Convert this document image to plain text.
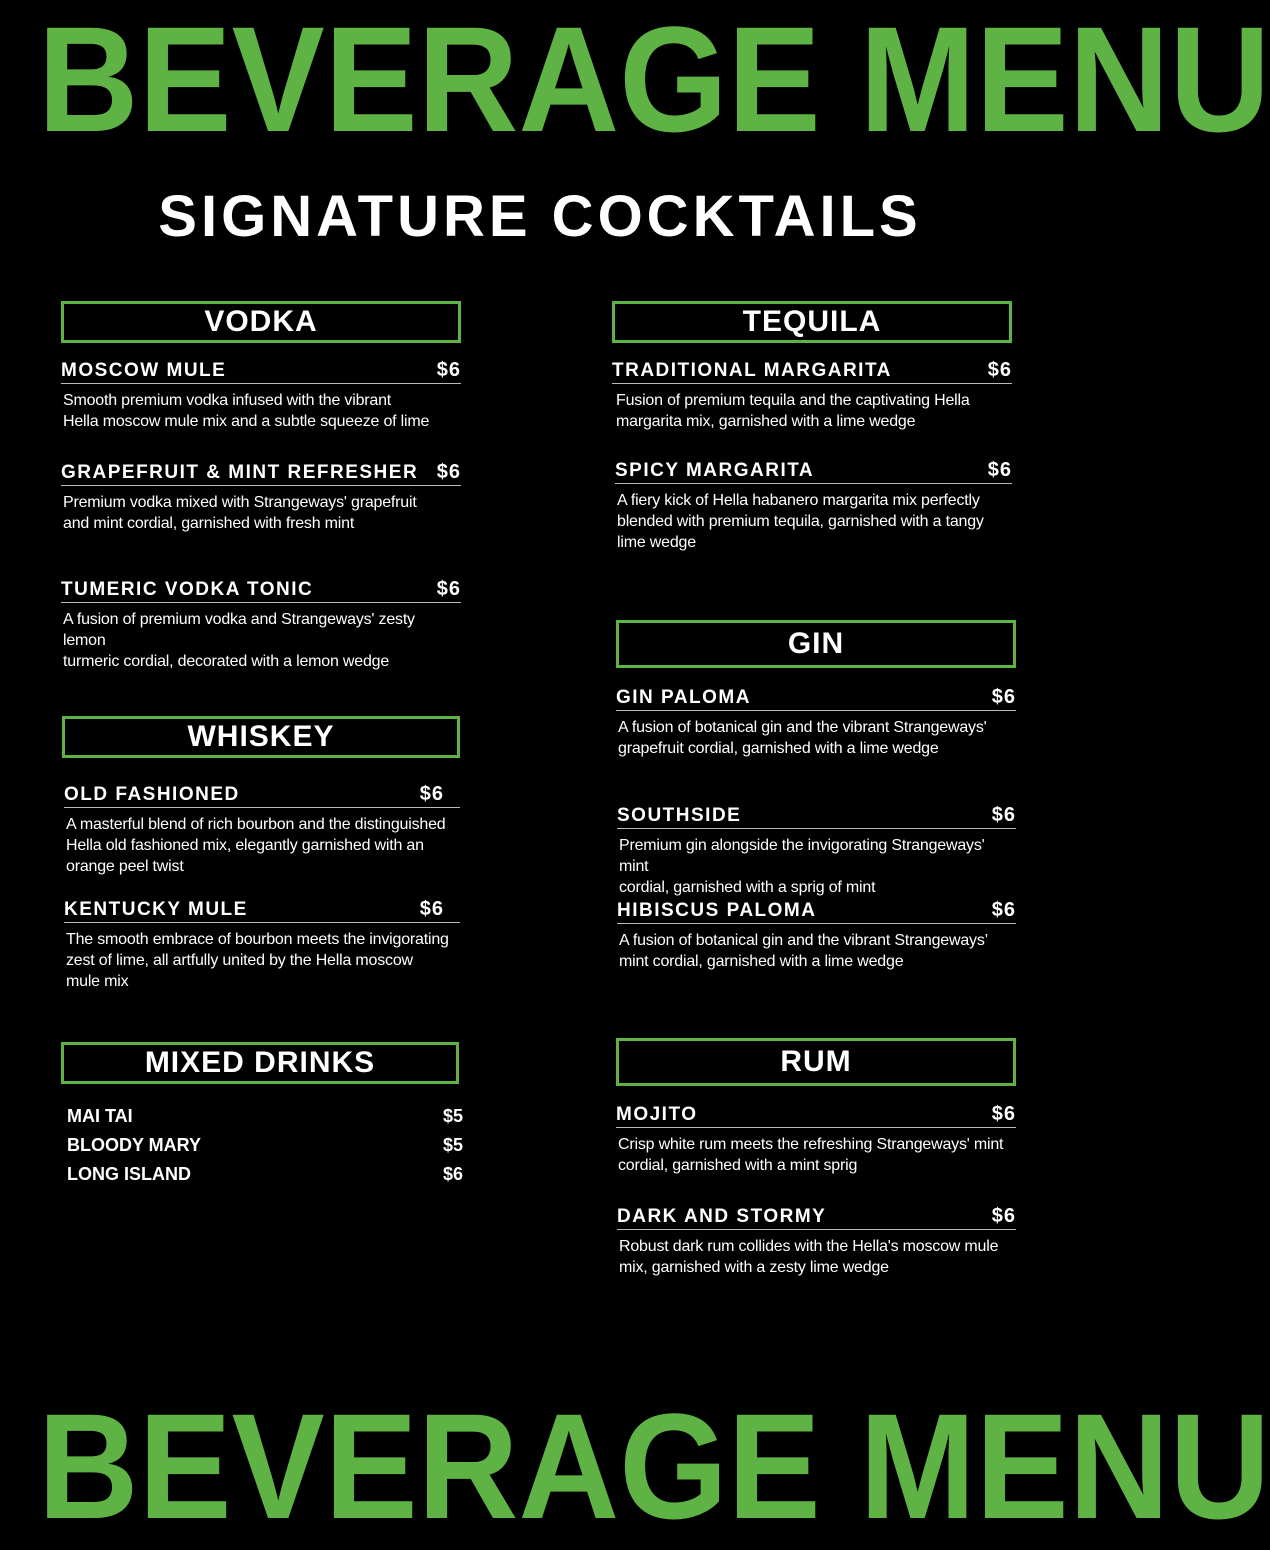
BEVERAGE MENU
SIGNATURE COCKTAILS
VODKA
MOSCOW MULE	$6
Smooth premium vodka infused with the vibrant
Hella moscow mule mix and a subtle squeeze of lime
GRAPEFRUIT & MINT REFRESHER $6
Premium vodka mixed with Strangeways' grapefruit
and mint cordial, garnished with fresh mint
TUMERIC VODKA TONIC	$6
A fusion of premium vodka and Strangeways' zesty lemon
turmeric cordial, decorated with a lemon wedge
WHISKEY
OLD FASHIONED	$6
A masterful blend of rich bourbon and the distinguished
Hella old fashioned mix, elegantly garnished with an
orange peel twist
KENTUCKY MULE	$6
The smooth embrace of bourbon meets the invigorating
zest of lime, all artfully united by the Hella moscow
mule mix
MIXED DRINKS
MAI TAI	$5
BLOODY MARY	$5
LONG ISLAND	$6
TEQUILA
TRADITIONAL MARGARITA	$6
Fusion of premium tequila and the captivating Hella
margarita mix, garnished with a lime wedge
SPICY MARGARITA	$6
A fiery kick of Hella habanero margarita mix perfectly
blended with premium tequila, garnished with a tangy
lime wedge
GIN
GIN PALOMA	$6
A fusion of botanical gin and the vibrant Strangeways'
grapefruit cordial, garnished with a lime wedge
SOUTHSIDE	$6
Premium gin alongside the invigorating Strangeways' mint
cordial, garnished with a sprig of mint
HIBISCUS PALOMA	$6
A fusion of botanical gin and the vibrant Strangeways’
mint cordial, garnished with a lime wedge
RUM
MOJITO	$6
Crisp white rum meets the refreshing Strangeways' mint
cordial, garnished with a mint sprig
DARK AND STORMY	$6
Robust dark rum collides with the Hella's moscow mule
mix, garnished with a zesty lime wedge
BEVERAGE MENU
